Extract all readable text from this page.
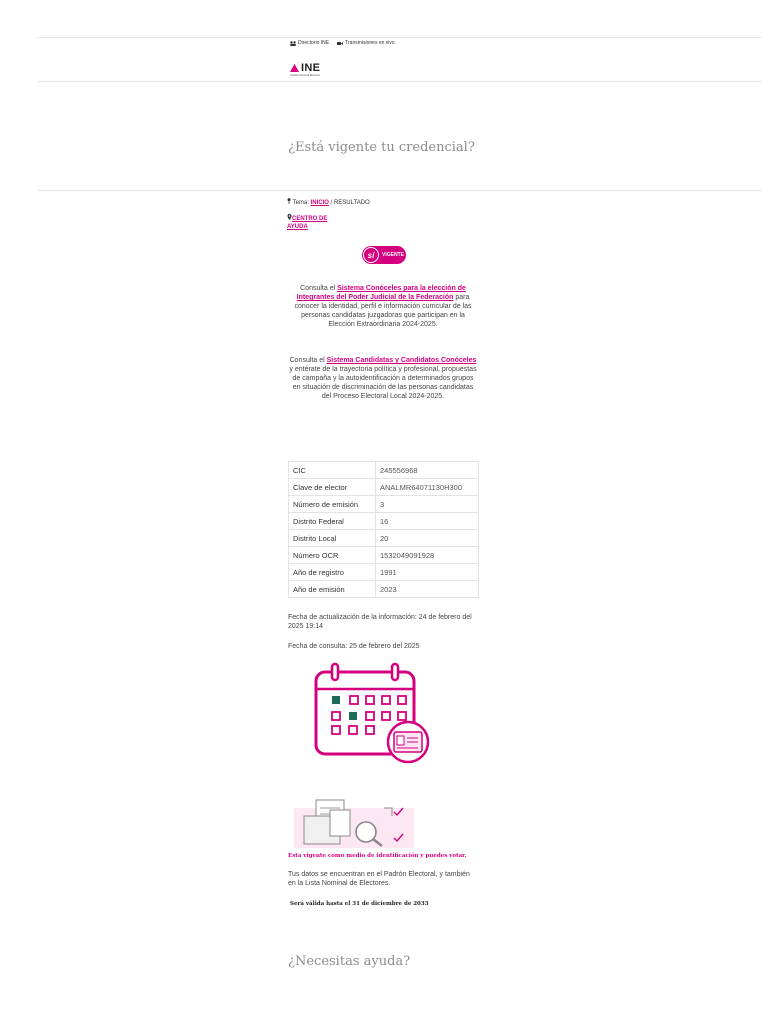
Directorio INE	Transmisiones en vivo
INE
Instituto Nacional Electoral
¿Está vigente tu credencial?
Tema: INICIO / RESULTADO
CENTRO DE
AYUDA
sí	VIGENTE
Consulta el Sistema Conóceles para la elección de Integrantes del Poder Judicial de la Federación para conocer la identidad, perfil e información curricular de las personas candidatas juzgadoras que participan en la Elección Extraordinaria 2024-2025.
Consulta el Sistema Candidatas y Candidatos Conóceles y entérate de la trayectoria política y profesional, propuestas de campaña y la autoidentificación a determinados grupos en situación de discriminación de las personas candidatas del Proceso Electoral Local 2024-2025.
CIC	245556968
Clave de elector	ANALMR64071130H300
Número de emisión	3
Distrito Federal	16
Distrito Local	20
Número OCR	1532049091928
Año de registro	1991
Año de emisión	2023
Fecha de actualización de la información: 24 de febrero del 2025 19:14
Fecha de consulta: 25 de febrero del 2025
Esta vigente como medio de identificación y puedes votar.
Tus datos se encuentran en el Padrón Electoral, y también en la Lista Nominal de Electores.
Será válida hasta el 31 de diciembre de 2033
¿Necesitas ayuda?
